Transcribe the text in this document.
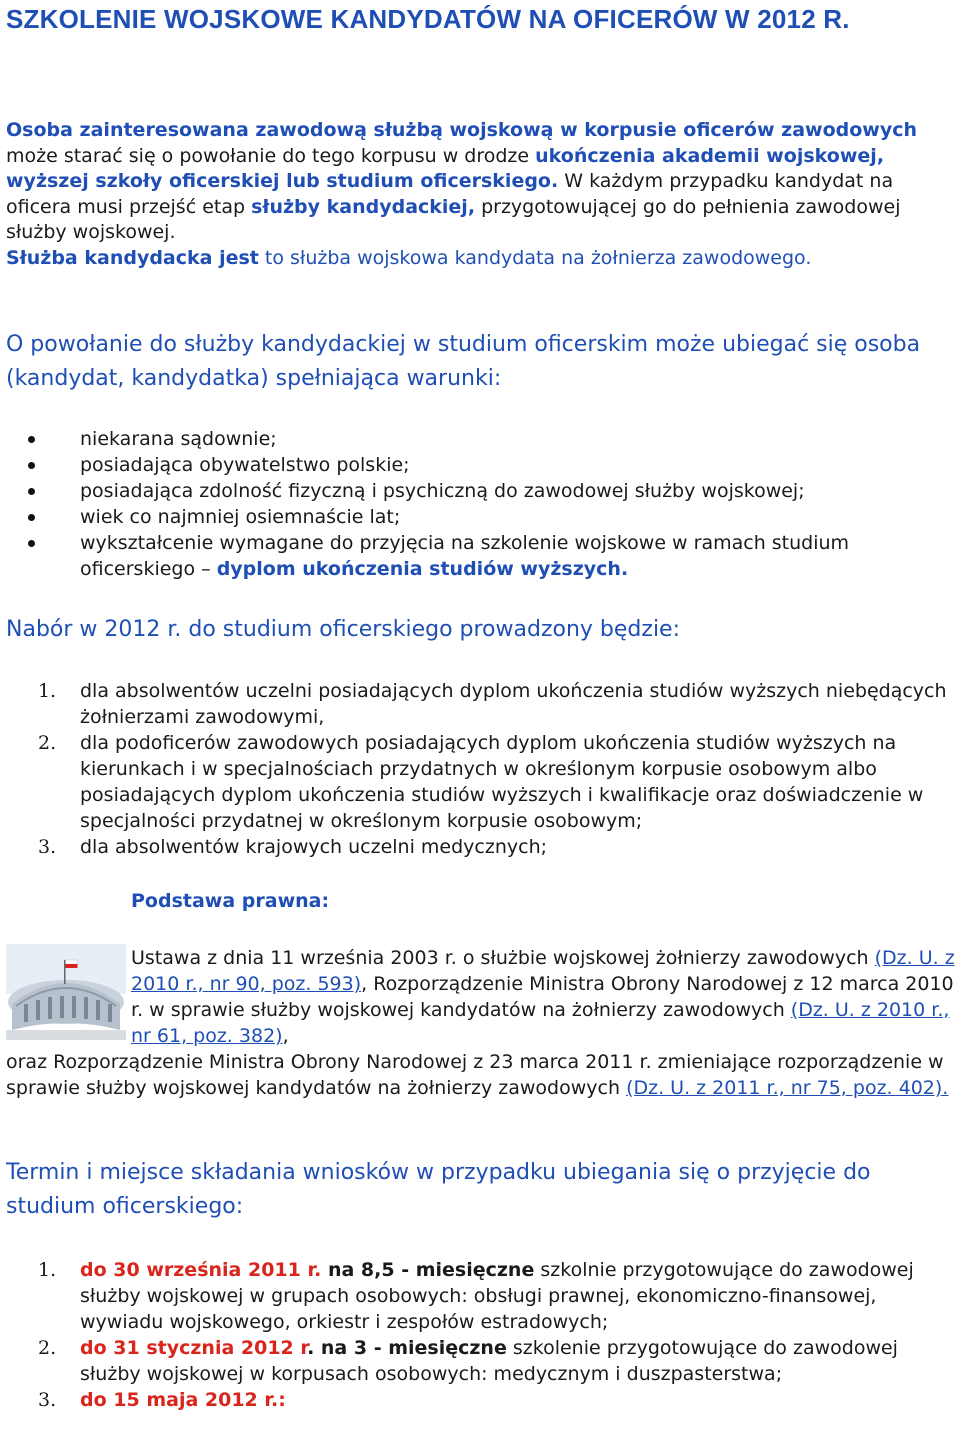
SZKOLENIE WOJSKOWE KANDYDATÓW NA OFICERÓW W 2012 R.

Osoba zainteresowana zawodową służbą wojskową w korpusie oficerów zawodowych może starać się o powołanie do tego korpusu w drodze ukończenia akademii wojskowej, wyższej szkoły oficerskiej lub studium oficerskiego. W każdym przypadku kandydat na oficera musi przejść etap służby kandydackiej, przygotowującej go do pełnienia zawodowej służby wojskowej.
Służba kandydacka jest to służba wojskowa kandydata na żołnierza zawodowego.

O powołanie do służby kandydackiej w studium oficerskim może ubiegać się osoba (kandydat, kandydatka) spełniająca warunki:

niekarana sądownie;
posiadająca obywatelstwo polskie;
posiadająca zdolność fizyczną i psychiczną do zawodowej służby wojskowej;
wiek co najmniej osiemnaście lat;
wykształcenie wymagane do przyjęcia na szkolenie wojskowe w ramach studium oficerskiego – dyplom ukończenia studiów wyższych.

Nabór w 2012 r. do studium oficerskiego prowadzony będzie:

1. dla absolwentów uczelni posiadających dyplom ukończenia studiów wyższych niebędących żołnierzami zawodowymi,
2. dla podoficerów zawodowych posiadających dyplom ukończenia studiów wyższych na kierunkach i w specjalnościach przydatnych w określonym korpusie osobowym albo posiadających dyplom ukończenia studiów wyższych i kwalifikacje oraz doświadczenie w specjalności przydatnej w określonym korpusie osobowym;
3. dla absolwentów krajowych uczelni medycznych;

Podstawa prawna:

Ustawa z dnia 11 września 2003 r. o służbie wojskowej żołnierzy zawodowych (Dz. U. z 2010 r., nr 90, poz. 593), Rozporządzenie Ministra Obrony Narodowej z 12 marca 2010 r. w sprawie służby wojskowej kandydatów na żołnierzy zawodowych (Dz. U. z 2010 r., nr 61, poz. 382),

oraz Rozporządzenie Ministra Obrony Narodowej z 23 marca 2011 r. zmieniające rozporządzenie w sprawie służby wojskowej kandydatów na żołnierzy zawodowych (Dz. U. z 2011 r., nr 75, poz. 402).

Termin i miejsce składania wniosków w przypadku ubiegania się o przyjęcie do studium oficerskiego:

1. do 30 września 2011 r. na 8,5 - miesięczne szkolnie przygotowujące do zawodowej służby wojskowej w grupach osobowych: obsługi prawnej, ekonomiczno-finansowej, wywiadu wojskowego, orkiestr i zespołów estradowych;
2. do 31 stycznia 2012 r. na 3 - miesięczne szkolenie przygotowujące do zawodowej służby wojskowej w korpusach osobowych: medycznym i duszpasterstwa;
3. do 15 maja 2012 r.:
